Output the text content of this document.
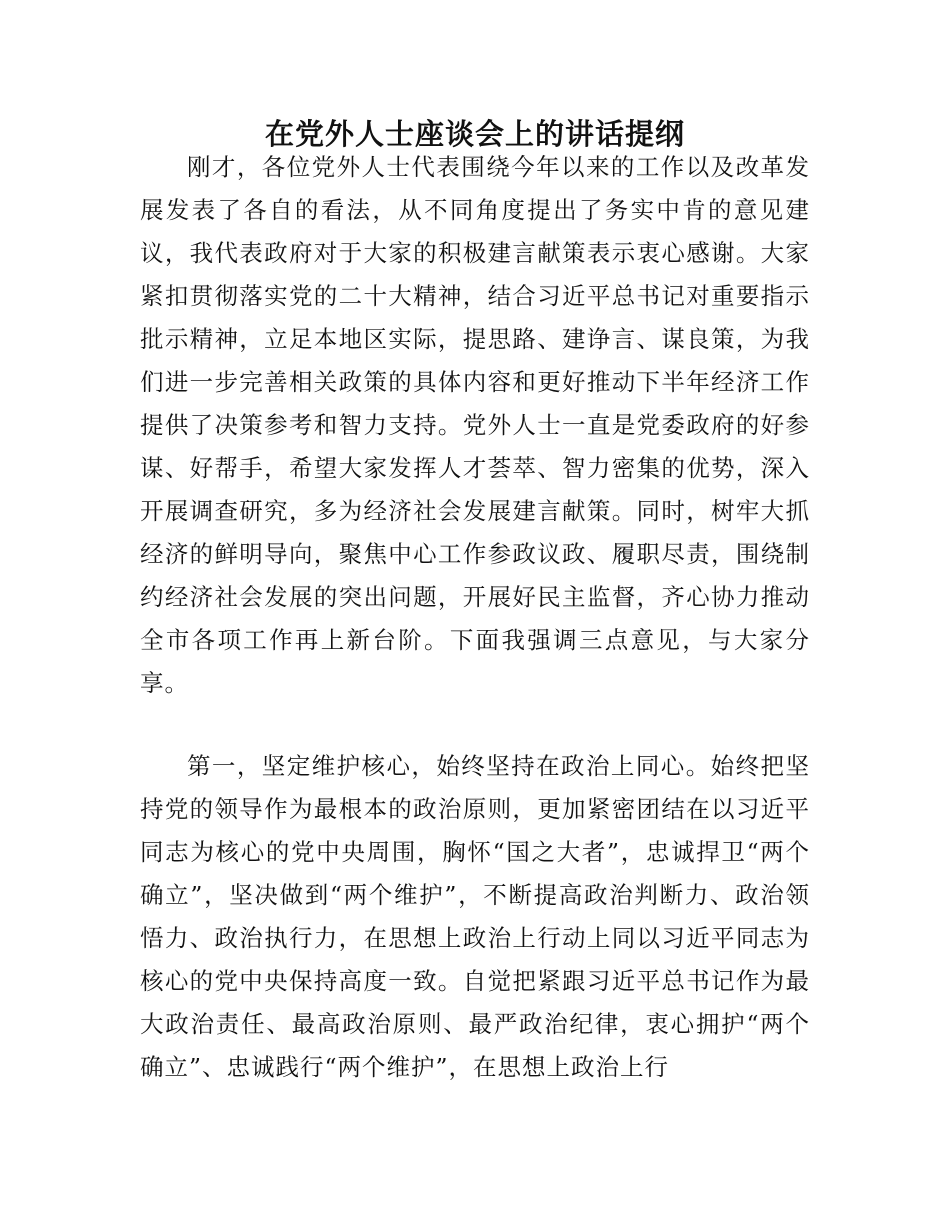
在党外人士座谈会上的讲话提纲

刚才，各位党外人士代表围绕今年以来的工作以及改革发展发表了各自的看法，从不同角度提出了务实中肯的意见建议，我代表政府对于大家的积极建言献策表示衷心感谢。大家紧扣贯彻落实党的二十大精神，结合习近平总书记对重要指示批示精神，立足本地区实际，提思路、建诤言、谋良策，为我们进一步完善相关政策的具体内容和更好推动下半年经济工作提供了决策参考和智力支持。党外人士一直是党委政府的好参谋、好帮手，希望大家发挥人才荟萃、智力密集的优势，深入开展调查研究，多为经济社会发展建言献策。同时，树牢大抓经济的鲜明导向，聚焦中心工作参政议政、履职尽责，围绕制约经济社会发展的突出问题，开展好民主监督，齐心协力推动全市各项工作再上新台阶。下面我强调三点意见，与大家分享。

第一，坚定维护核心，始终坚持在政治上同心。始终把坚持党的领导作为最根本的政治原则，更加紧密团结在以习近平同志为核心的党中央周围，胸怀“国之大者”，忠诚捍卫“两个确立”，坚决做到“两个维护”，不断提高政治判断力、政治领悟力、政治执行力，在思想上政治上行动上同以习近平同志为核心的党中央保持高度一致。自觉把紧跟习近平总书记作为最大政治责任、最高政治原则、最严政治纪律，衷心拥护“两个确立”、忠诚践行“两个维护”，在思想上政治上行
